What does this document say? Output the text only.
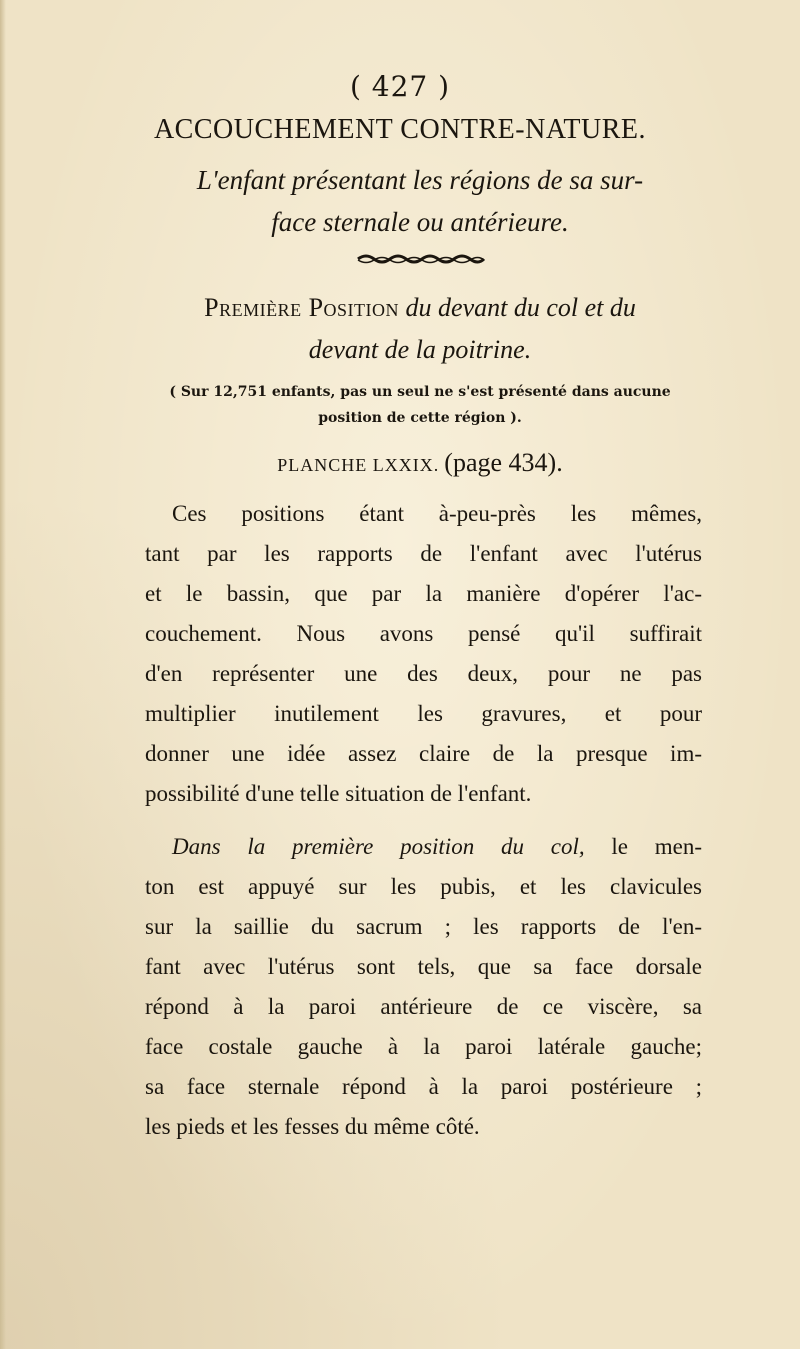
( 427 )
ACCOUCHEMENT CONTRE-NATURE.
L'enfant présentant les régions de sa sur-
face sternale ou antérieure.
Première Position du devant du col et du
devant de la poitrine.
( Sur 12,751 enfants, pas un seul ne s'est présenté dans aucune
position de cette région ).
PLANCHE LXXIX. (page 434).
Ces positions étant à-peu-près les mêmes,
tant par les rapports de l'enfant avec l'utérus
et le bassin, que par la manière d'opérer l'ac-
couchement. Nous avons pensé qu'il suffirait
d'en représenter une des deux, pour ne pas
multiplier inutilement les gravures, et pour
donner une idée assez claire de la presque im-
possibilité d'une telle situation de l'enfant.
Dans la première position du col, le men-
ton est appuyé sur les pubis, et les clavicules
sur la saillie du sacrum ; les rapports de l'en-
fant avec l'utérus sont tels, que sa face dorsale
répond à la paroi antérieure de ce viscère, sa
face costale gauche à la paroi latérale gauche;
sa face sternale répond à la paroi postérieure ;
les pieds et les fesses du même côté.
